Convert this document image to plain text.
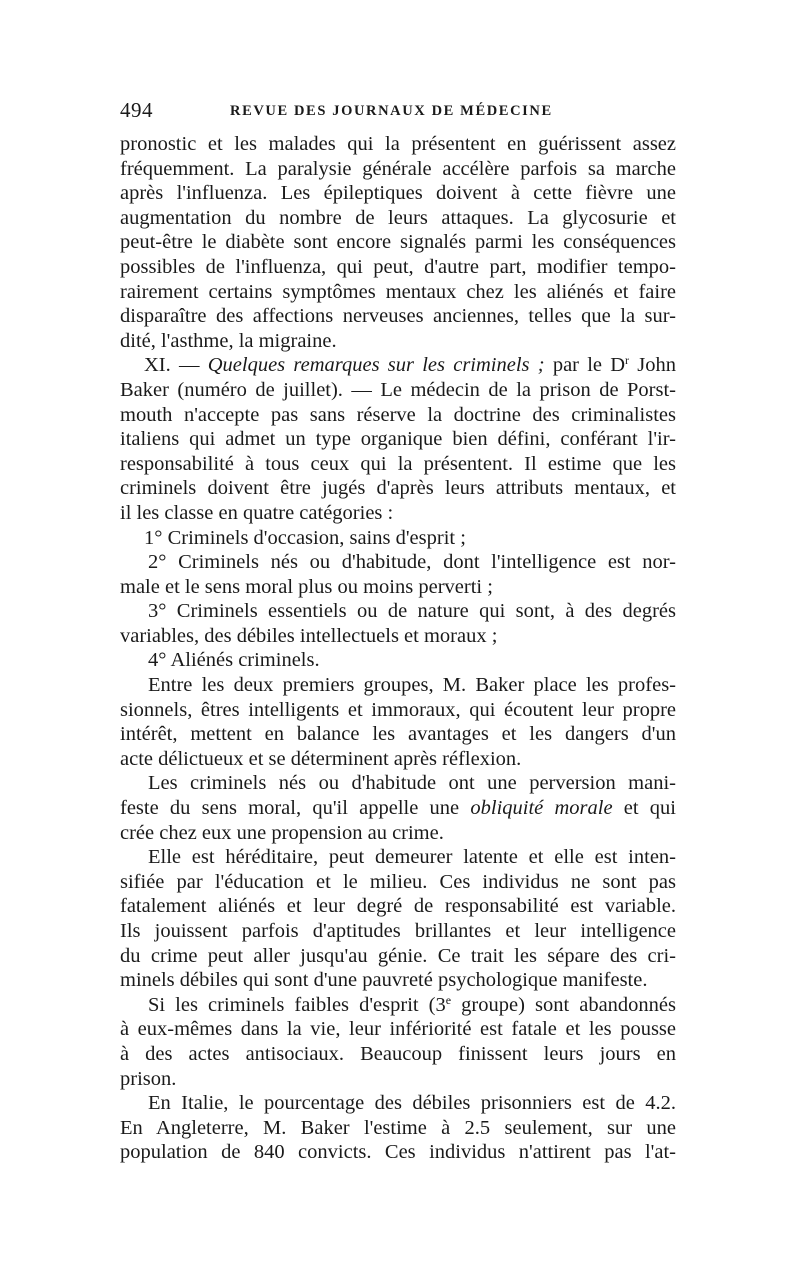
494	REVUE DES JOURNAUX DE MÉDECINE
pronostic et les malades qui la présentent en guérissent assez
fréquemment. La paralysie générale accélère parfois sa marche
après l'influenza. Les épileptiques doivent à cette fièvre une
augmentation du nombre de leurs attaques. La glycosurie et
peut-être le diabète sont encore signalés parmi les conséquences
possibles de l'influenza, qui peut, d'autre part, modifier tempo-
rairement certains symptômes mentaux chez les aliénés et faire
disparaître des affections nerveuses anciennes, telles que la sur-
dité, l'asthme, la migraine.
XI. — Quelques remarques sur les criminels ; par le $D^r$ John
Baker (numéro de juillet). — Le médecin de la prison de Porst-
mouth n'accepte pas sans réserve la doctrine des criminalistes
italiens qui admet un type organique bien défini, conférant l'ir-
responsabilité à tous ceux qui la présentent. Il estime que les
criminels doivent être jugés d'après leurs attributs mentaux, et
il les classe en quatre catégories :
1° Criminels d'occasion, sains d'esprit ;
2° Criminels nés ou d'habitude, dont l'intelligence est nor-
male et le sens moral plus ou moins perverti ;
3° Criminels essentiels ou de nature qui sont, à des degrés
variables, des débiles intellectuels et moraux ;
4° Aliénés criminels.
Entre les deux premiers groupes, M. Baker place les profes-
sionnels, êtres intelligents et immoraux, qui écoutent leur propre
intérêt, mettent en balance les avantages et les dangers d'un
acte délictueux et se déterminent après réflexion.
Les criminels nés ou d'habitude ont une perversion mani-
feste du sens moral, qu'il appelle une obliquité morale et qui
crée chez eux une propension au crime.
Elle est héréditaire, peut demeurer latente et elle est inten-
sifiée par l'éducation et le milieu. Ces individus ne sont pas
fatalement aliénés et leur degré de responsabilité est variable.
Ils jouissent parfois d'aptitudes brillantes et leur intelligence
du crime peut aller jusqu'au génie. Ce trait les sépare des cri-
minels débiles qui sont d'une pauvreté psychologique manifeste.
Si les criminels faibles d'esprit (3e groupe) sont abandonnés
à eux-mêmes dans la vie, leur infériorité est fatale et les pousse
à des actes antisociaux. Beaucoup finissent leurs jours en
prison.
En Italie, le pourcentage des débiles prisonniers est de 4.2.
En Angleterre, M. Baker l'estime à 2.5 seulement, sur une
population de 840 convicts. Ces individus n'attirent pas l'at-
